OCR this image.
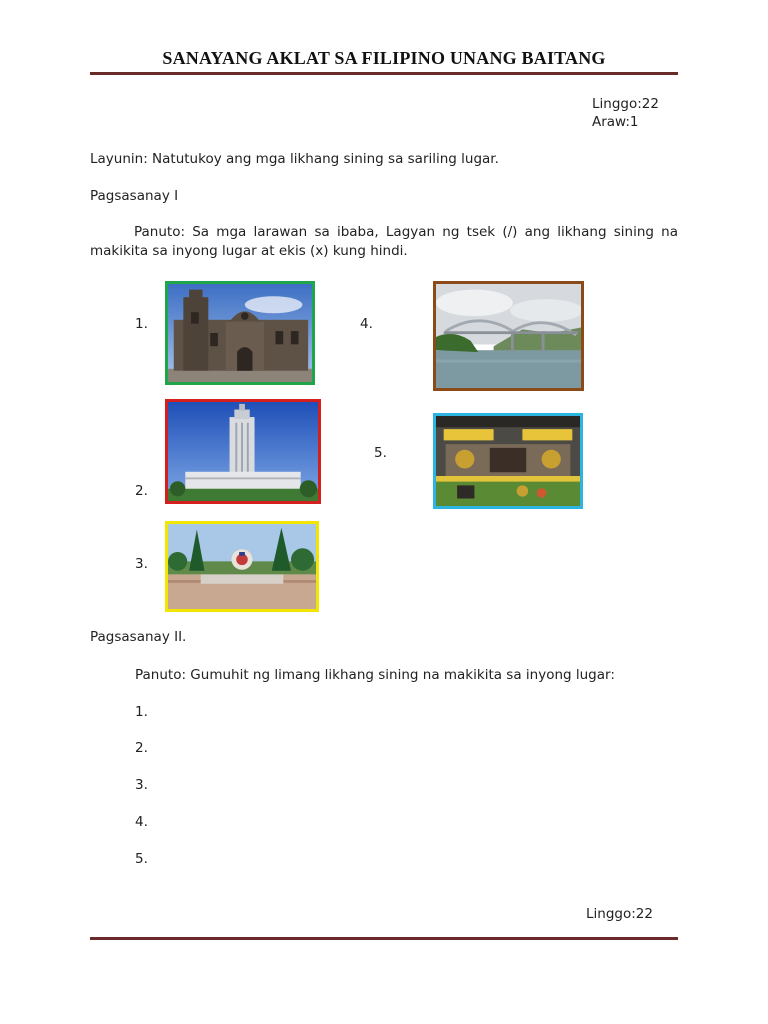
SANAYANG AKLAT SA FILIPINO UNANG BAITANG
Linggo:22
Araw:1
Layunin: Natutukoy ang mga likhang sining sa sariling lugar.
Pagsasanay I
Panuto: Sa mga larawan sa ibaba, Lagyan ng tsek (/) ang likhang sining na
makikita sa inyong lugar at ekis (x) kung hindi.
1.
2.
3.
4.
5.
Pagsasanay II.
Panuto: Gumuhit ng limang likhang sining na makikita sa inyong lugar:
1.
2.
3.
4.
5.
Linggo:22
